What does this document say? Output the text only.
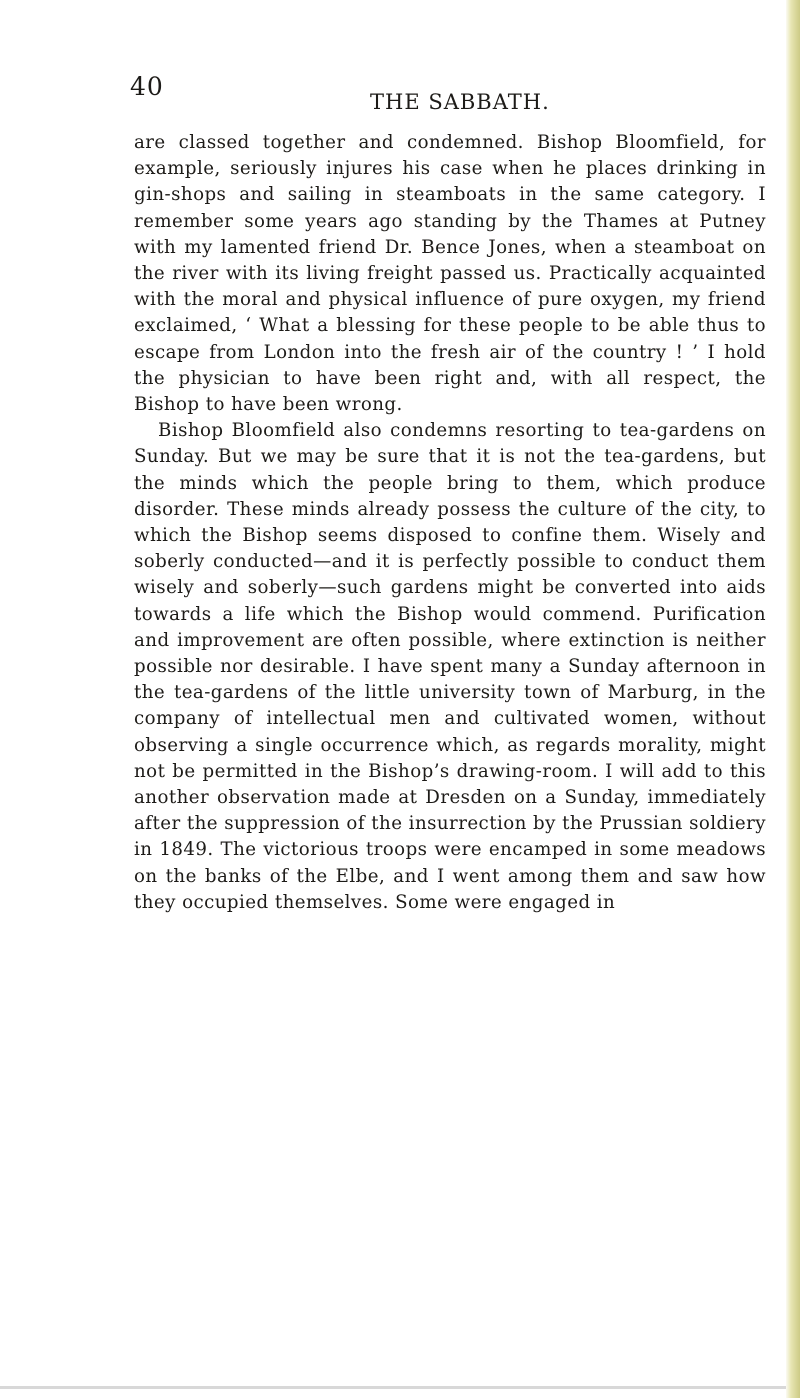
40
THE SABBATH.

are classed together and condemned. Bishop Bloomfield, for example, seriously injures his case when he places drinking in gin-shops and sailing in steamboats in the same category. I remember some years ago standing by the Thames at Putney with my lamented friend Dr. Bence Jones, when a steamboat on the river with its living freight passed us. Practically acquainted with the moral and physical influence of pure oxygen, my friend exclaimed, ‘ What a blessing for these people to be able thus to escape from London into the fresh air of the country ! ’ I hold the physician to have been right and, with all respect, the Bishop to have been wrong.

Bishop Bloomfield also condemns resorting to tea-gardens on Sunday. But we may be sure that it is not the tea-gardens, but the minds which the people bring to them, which produce disorder. These minds already possess the culture of the city, to which the Bishop seems disposed to confine them. Wisely and soberly conducted—and it is perfectly possible to conduct them wisely and soberly—such gardens might be converted into aids towards a life which the Bishop would commend. Purification and improvement are often possible, where extinction is neither possible nor desirable. I have spent many a Sunday afternoon in the tea-gardens of the little university town of Marburg, in the company of intellectual men and cultivated women, without observing a single occurrence which, as regards morality, might not be permitted in the Bishop’s drawing-room. I will add to this another observation made at Dresden on a Sunday, immediately after the suppression of the insurrection by the Prussian soldiery in 1849. The victorious troops were encamped in some meadows on the banks of the Elbe, and I went among them and saw how they occupied themselves. Some were engaged in
